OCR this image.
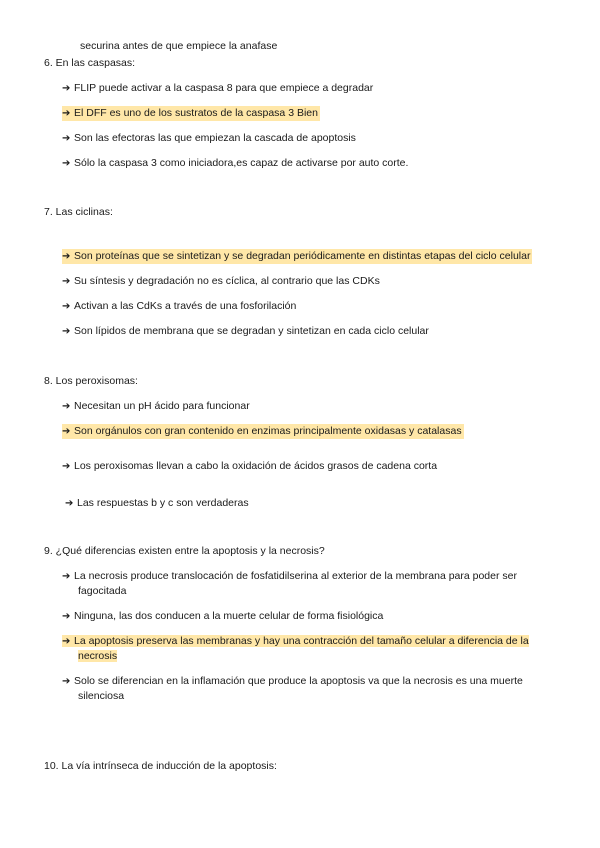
securina antes de que empiece la anafase
6. En las caspasas:
➔ FLIP puede activar a la caspasa 8 para que empiece a degradar
➔ El DFF es uno de los sustratos de la caspasa 3 Bien
➔ Son las efectoras las que empiezan la cascada de apoptosis
➔ Sólo la caspasa 3 como iniciadora,es capaz de activarse por auto corte.
7. Las ciclinas:
➔ Son proteínas que se sintetizan y se degradan periódicamente en distintas etapas del ciclo celular
➔ Su síntesis y degradación no es cíclica, al contrario que las CDKs
➔ Activan a las CdKs a través de una fosforilación
➔ Son lípidos de membrana que se degradan y sintetizan en cada ciclo celular
8. Los peroxisomas:
➔ Necesitan un pH ácido para funcionar
➔ Son orgánulos con gran contenido en enzimas principalmente oxidasas y catalasas
➔ Los peroxisomas llevan a cabo la oxidación de ácidos grasos de cadena corta
➔ Las respuestas b y c son verdaderas
9. ¿Qué diferencias existen entre la apoptosis y la necrosis?
➔ La necrosis produce translocación de fosfatidilserina al exterior de la membrana para poder ser
fagocitada
➔ Ninguna, las dos conducen a la muerte celular de forma fisiológica
➔ La apoptosis preserva las membranas y hay una contracción del tamaño celular a diferencia de la
necrosis
➔ Solo se diferencian en la inflamación que produce la apoptosis va que la necrosis es una muerte
silenciosa
10. La vía intrínseca de inducción de la apoptosis:
